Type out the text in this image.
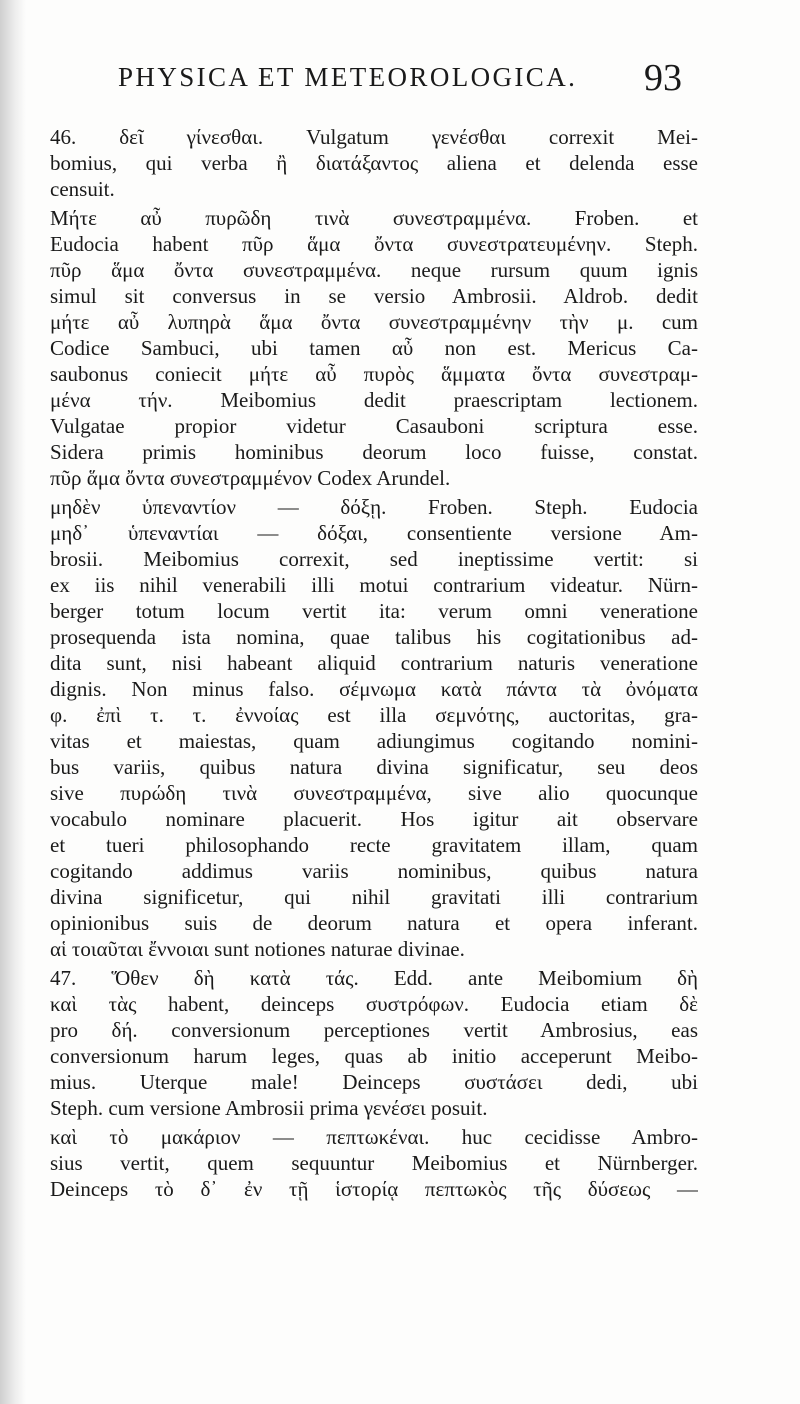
PHYSICA ET METEOROLOGICA. 93
46. δεῖ γίνεσθαι. Vulgatum γενέσθαι correxit Mei-
bomius, qui verba ἢ διατάξαντος aliena et delenda esse
censuit.
Μήτε αὖ πυρῶδη τινὰ συνεστραμμένα. Froben. et
Eudocia habent πῦρ ἅμα ὄντα συνεστρατευμένην. Steph.
πῦρ ἅμα ὄντα συνεστραμμένα. neque rursum quum ignis
simul sit conversus in se versio Ambrosii. Aldrob. dedit
μήτε αὖ λυπηρὰ ἅμα ὄντα συνεστραμμένην τὴν μ. cum
Codice Sambuci, ubi tamen αὖ non est. Mericus Ca-
saubonus coniecit μήτε αὖ πυρὸς ἅμματα ὄντα συνεστραμ-
μένα τήν. Meibomius dedit praescriptam lectionem.
Vulgatae propior videtur Casauboni scriptura esse.
Sidera primis hominibus deorum loco fuisse, constat.
πῦρ ἅμα ὄντα συνεστραμμένον Codex Arundel.
μηδὲν ὑπεναντίον — δόξῃ. Froben. Steph. Eudocia
μηδ᾿ ὑπεναντίαι — δόξαι, consentiente versione Am-
brosii. Meibomius correxit, sed ineptissime vertit: si
ex iis nihil venerabili illi motui contrarium videatur. Nürn-
berger totum locum vertit ita: verum omni veneratione
prosequenda ista nomina, quae talibus his cogitationibus ad-
dita sunt, nisi habeant aliquid contrarium naturis veneratione
dignis. Non minus falso. σέμνωμα κατὰ πάντα τὰ ὀνόματα
φ. ἐπὶ τ. τ. ἐννοίας est illa σεμνότης, auctoritas, gra-
vitas et maiestas, quam adiungimus cogitando nomini-
bus variis, quibus natura divina significatur, seu deos
sive πυρώδη τινὰ συνεστραμμένα, sive alio quocunque
vocabulo nominare placuerit. Hos igitur ait observare
et tueri philosophando recte gravitatem illam, quam
cogitando addimus variis nominibus, quibus natura
divina significetur, qui nihil gravitati illi contrarium
opinionibus suis de deorum natura et opera inferant.
αἱ τοιαῦται ἔννοιαι sunt notiones naturae divinae.
47. Ὅθεν δὴ κατὰ τάς. Edd. ante Meibomium δὴ
καὶ τὰς habent, deinceps συστρόφων. Eudocia etiam δὲ
pro δή. conversionum perceptiones vertit Ambrosius, eas
conversionum harum leges, quas ab initio acceperunt Meibo-
mius. Uterque male! Deinceps συστάσει dedi, ubi
Steph. cum versione Ambrosii prima γενέσει posuit.
καὶ τὸ μακάριον — πεπτωκέναι. huc cecidisse Ambro-
sius vertit, quem sequuntur Meibomius et Nürnberger.
Deinceps τὸ δ᾿ ἐν τῇ ἱστορίᾳ πεπτωκὸς τῆς δύσεως —
